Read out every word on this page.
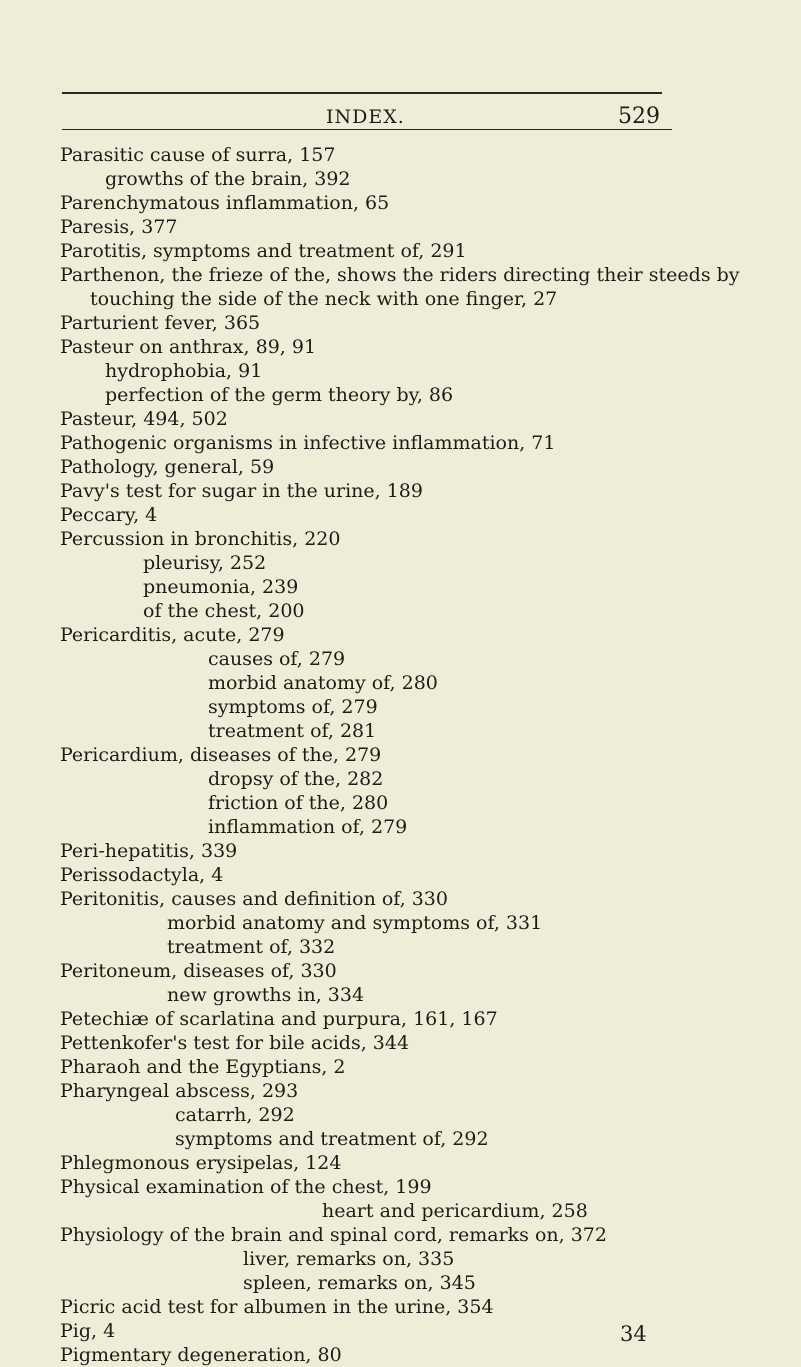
INDEX.	529
Parasitic cause of surra, 157
growths of the brain, 392
Parenchymatous inflammation, 65
Paresis, 377
Parotitis, symptoms and treatment of, 291
Parthenon, the frieze of the, shows the riders directing their steeds by
touching the side of the neck with one finger, 27
Parturient fever, 365
Pasteur on anthrax, 89, 91
hydrophobia, 91
perfection of the germ theory by, 86
Pasteur, 494, 502
Pathogenic organisms in infective inflammation, 71
Pathology, general, 59
Pavy's test for sugar in the urine, 189
Peccary, 4
Percussion in bronchitis, 220
pleurisy, 252
pneumonia, 239
of the chest, 200
Pericarditis, acute, 279
causes of, 279
morbid anatomy of, 280
symptoms of, 279
treatment of, 281
Pericardium, diseases of the, 279
dropsy of the, 282
friction of the, 280
inflammation of, 279
Peri-hepatitis, 339
Perissodactyla, 4
Peritonitis, causes and definition of, 330
morbid anatomy and symptoms of, 331
treatment of, 332
Peritoneum, diseases of, 330
new growths in, 334
Petechiæ of scarlatina and purpura, 161, 167
Pettenkofer's test for bile acids, 344
Pharaoh and the Egyptians, 2
Pharyngeal abscess, 293
catarrh, 292
symptoms and treatment of, 292
Phlegmonous erysipelas, 124
Physical examination of the chest, 199
heart and pericardium, 258
Physiology of the brain and spinal cord, remarks on, 372
liver, remarks on, 335
spleen, remarks on, 345
Picric acid test for albumen in the urine, 354
Pig, 4
Pigmentary degeneration, 80
34
